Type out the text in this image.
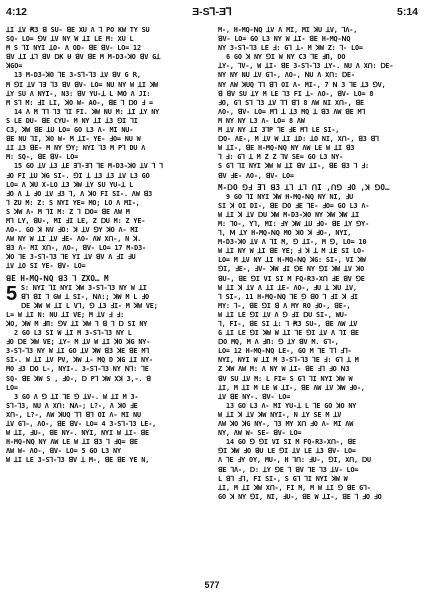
4:12	Ǝ-S⅂-Ǝ⅂	5:14

ꓕI ꓕV Ꞧ3 ꓭ SU- ꓭE XU Λ ⅂ PO KW TY SU

SQ- LO= ꓨV ꓕV NY W ꓕI LE M: XU L

M S ⅂I NYI ꓕO- Λ OD- ꓭE ꓭV- LO= 12

ꓭV ꓕI ꓕ⅂ ꓭV ꓓK Ʉ ꓭV ꓭE M M-D3-ꓘO ꓭV Gꓕ

ꓘGO=

13 M-D3-ꓘO ⅂E 3-S⅂-⅂3 ꓕV ꓭV G ꓣ,

M ꓨI ꓕV ⅂Ǝ ⅂3 ꓭV ꓭV- LO= NU NY W ꓕI ꓘW

ꓕY SU Λ NYI-, N3: ꓭV YU-ꓕ L ꓟO Λ JI:

M S⅂ M: ꓞI LI, ꓘO W- AO-, ꓭE ⅂ ꓓO ꓞ =

14 Λ M ⅂⅂ ⅂3 ⅂I FI. ꓘW NU M: ꓕI ꓕY NY

S LE DU- ꓭE CYU- M NY ꓕI ꓕ3 ꓨI ⅂I

C3, ꓘW ꓭE ꓕU LO= GO L3 Λ- MI NU-

ꓭE NU ⅂I, ꓘO W- M ꓕI- YE- ꓞO= NU W

ꓕI ꓕ3 ꓭE- M NY ꓨY; NYI ⅂3 M P⅂ DU Λ

M: SQ-, ꓭE ꓭV- LO=

15 GO ꓕV ꓕ3 ꓕE Ǝ⅂-Ǝ⅂ ⅂E M-D3-ꓘO ꓕV ⅂ ⅂

ꓞO FI ꓕU ꓘG SI-. ꓨI ꓕ ꓕ3 ꓕ3 ꓕV L3 GO

LO= Λ ꓘU X-LO ꓕ3 ꓘW ꓕY SU YU-ꓕ L

ꓞO Λ ꓕ ꓞO ꓕV ꓞ3 ⅂, Λ ꓘO FI SI-. ΛW ꓭ3

⅂ ZU M: Z: S NYI YE= MO; LO Λ MI-,

S ꓘW Λ- M ⅂I M: Z ⅂ ꓓO= ꓭE ΛW M

M⅂ LY, ꓭU-, MI ꓞI LE, Z ꓓU M: Z YE-

ΛO-. GO ꓘ NV ꓞO: ꓘ ꓕV ꓨY ꓘO Λ- MI

ΛW NY W ꓕI ꓕV ꓞE- ΛO- ΛW Xꓵ-, N ꓘ.

ꓭ3 Λ- MI Xꓵ-, ΛO-, ꓭV- LO= 17 M-D3-

ꓘO ⅂E 3-S⅂-⅂3 ⅂E YI ꓕV ꓭV Λ ꓞI ꓞU

ꓕV ꓕO SI YE- ꓭV- LO=

ꓭE H-MQ-ꓠQ ꓭ3 ⅂ ZXO… M
5 S: NYI ⅂I NYI ꓘW 3-S⅂-⅂3 NY W ꓕI

ꓭ⅂ ꓭI ⅂ GW ꓕ SI-, ꓠΛ:; ꓘW M L ꓞO

ꓓE ꓘW W ꓕI L V⅂, ꓨ ꓕ3 ꓞI- M ꓘW VE;

L= W ꓕI N: NU ꓕI VE; M ꓕV ꓞ ꓞ:

ꓘO, ꓘW M ꓞΠ: ꓨV ꓕI ꓘW ⅂ ꓭ ⅂ ꓓ SI NY

2 GO L3 SI W ꓕI M 3-S⅂-⅂3 NY L

ꓞO ꓓE ꓘW VE; ꓕY- M ꓕV W ꓕI ꓘO ꓘG NY-

3-S⅂-⅂3 NY W ꓕI GO ꓕV ꓘW ꓭ3 ꓘE ꓭE M⅂

SI-. W ꓕI ꓕV ꓑV, ꓘW ꓕ- MQ D ꓘG ꓕI NY-

MO ꓞ3 ꓓO L-, NYI-. 3-S⅂-⅂3 NY ꓠ⅂: ⅂E

SQ- ꓭE ꓘW S , ꓞO-, ꓓ P⅂ ꓘW Xꓘ 3,-. ꓭ

LO=

3 GO Λ ꓨ ꓕI ⅂E ꓨ ꓕV-. W ꓕI M 3-

S⅂-⅂3, NU Λ Xꓵ: ꓠΛ-; L?-, Λ ꓘO ꓞE

Xꓵ-, L?-, ΛW ꓘUQ ⅂⅂ ꓭ⅂ OI Λ- MI NU

ꓕV G⅂-, ΛO-, ꓭE ꓭV- LO= 4 3-S⅂-⅂3 LE-,

W ꓕI, ꓞU-, ꓭE NY-. NYI, NYI W ꓕI- ꓭE

H-MQ-ꓠQ NY ΛW LE W ꓕI ꓭ3 ⅂ ꓞQ= ꓭE

ΛW W- ΛO-, ꓭV- LO= 5 GO L3 NY

W ꓕI LE 3-S⅂-⅂3 ꓭV ꓕ M-, ꓭE ꓭE YE N,

M-, H-MQ-ꓠQ ꓕV Λ MI, MI ꓘU ꓕV, ⅂Λ-,

ꓭV- LO= GO L3 NY W ꓕI- ꓭE H-MQ-ꓠQ

NY 3-S⅂-⅂3 LE ꓞ: G⅂ ꓕ- M ꓘW Z: ⅂- LO=

6 GO ꓘ NY ꓨI W NY C3 ⅂E ꓞΠ, DO

ꓕY-, ⅂V-, W ꓕI- ꓭE 3-S⅂-⅂3 ꓕY-. NU Λ Xꓵ: ꓓE-

NY NY NU ꓕV G⅂-, ΛO-, ꓠU Λ Xꓵ: ꓓE-

NY ΛW ꓘUQ ⅂⅂ ꓭ⅂ OI Λ- MI-, 7 ꓠ 3 ⅂E ꓕ3 ꓨV,

ꓭ ꓭV SU ꓕY M LE ⅂3 FI ꓕ- ΛO-, ꓭV- LO= 8

ꓞO, G⅂ S⅂ ⅂3 ꓕV ⅂⅂ ꓭ⅂ 8 ΛW NI Xꓵ-, ꓭE

ΛO-, ꓭV- LO= M⅂ ꓕ ꓕ3 MQ ꓕ ꓭ3 ΛW ꓭE M⅂

M NY NY L3 Λ- LO= 8 ΛW

M ꓕV NY ꓕI 3⅂P ⅂E ꓞE M⅂ LE SI-,

ꓓO- ΛE-, M ꓕV W ꓕI ꓕD: ꓕO NI, Xꓵ-, ꓭ3 ꓭ⅂

W ꓕI-, ꓭE H-MQ-ꓠQ NY ΛW LE W ꓕI ꓭ3

⅂ ꓞ: G⅂ ꓕ M Z Z ⅂V SE= GO L3 NY-

S G⅂ ⅂I NYI ꓘW W ꓕI ꓭV ꓕI-, ꓭE ꓭ3 ⅂ ꓞ:

ꓭV ꓞE- ΛO-, ꓭV- LO=

M-ꓓO ꓨꓞ Ǝ⅂ ꓭ3 ꓕ⅂ ꓕ⅂ ꓵI ,ꓵꓨ ꓞO ,ꓘ ꓨO…

9 GO ⅂I NYI ꓘW H-MQ-ꓠQ NY NI, ꓞU

SI ꓘ OI DI-, ꓭE ꓓO ꓞE ⅂E- ꓞO= GO L3 Λ-

W ꓕI ꓘ ꓕV ꓓU ꓘW M-D3-ꓘO NY ꓘW ꓘW ꓕI

M: ⅂O-, Y⅂, MI: ꓞY ꓘW ꓕU ꓞO- ꓭE ꓕY ꓨY-

⅂, ꓟ ꓕY H-MQ-ꓠQ MO ꓘO ꓘ ꓞO-, NYI,

M-D3-ꓘO ꓕV Λ ⅂I M, ꓨ ꓕI-, M ꓨ, LO= 10

W ꓕI NY W ꓕI ꓭE YE; ꓞ ꓘ ꓕ M ꓕE SI LO-

LO= M ꓕV NY ꓕI H-MQ-ꓠQ ꓘG: SI-, VI ꓘW

ꓨI, ꓞE-, ꓞV- ꓘW ꓞI ꓨE NY ꓨI ꓘW ꓕV ꓘO

ꓭU-, ꓭE ꓨI VI SI M FQ-R3-Xꓵ ꓞE ꓭV ꓨE

W ꓕI ꓘ ꓕV Λ ꓕI ꓕE- ΛO-, ꓞU ꓕ ꓘU ꓕV,

⅂ SI-, 11 H-MQ-ꓠQ ⅂E ꓨ ꓭO ⅂ ꓞI ꓘ ꓞI

MY: ⅂-, ꓭE ꓨI ꓭ Λ MY RO ꓞO-, ꓭE-,

W ꓕI LE ꓨI ꓕV Λ ꓨ ꓞI ꓓU SI-, WU-

⅂, FI-, ꓭE SI ꓕ: ⅂ Ꞧ3 SU-, ꓭE ΛW ꓕV

G ꓕI LE ꓨI ꓘW W ꓕI ⅂E ꓨI ꓕV Λ ⅂I ꓭE

ꓓO MQ, M Λ ꓞΠ: ꓨ ꓕY ꓭV M. G⅂-,

LO= 12 H-MQ-ꓠQ LE-, GO M ⅂E ⅂⅂ ꓞ⅂-

NYI, NYI W ꓕI M 3-S⅂-⅂3 ⅂E ꓞ: G⅂ ꓕ M

Z ꓘW ΛW M: Λ NY W ꓕI- ꓭE ꓞ⅂ ꓞO ꓠ3

ꓭV SU ꓕV M: L FI= S G⅂ ⅂I NYI ꓘW W

ꓕI, M ꓕI M LE W ꓕI-, ꓭE ΛW ꓕV ꓘW ꓞO-,

ꓕV ꓭE NY-. ꓭV- LO=

13 GO L3 Λ- MI YU-ꓕ L ⅂E GO ꓘO NY

W ꓕI ꓘ ꓕV ꓘW NYI-, N ꓕY SE M ꓕV

ΛW ꓘO ꓘG NY-, ⅂3 MY Xꓵ ꓞO Λ- MI ΛW

NY, ΛW W- SE- ꓭV- LO=

14 GO ꓨ ꓨI VI SI M FQ-R3-Xꓵ-, ꓭE

ꓨI ꓘW ꓞO ꓭU LE ꓨI ꓕV LE ꓕ3 ꓭV- LO=

Λ ⅂E ꓞY OY, MU-, H ⅂ꓵ: ꓞU-, ꓨI, Xꓵ, ꓓU

ꓭE ⅂Λ-, ꓓ: ꓕY ꓨE ⅂ ꓭV ⅂E ⅂3 ꓕV- LO=

L ꓭ⅂ ꓞ⅂, FI SI-, S G⅂ ⅂I NYI ꓘW W

ꓕI, M ꓕI ꓘW Xꓵ-, FI M, M W ꓕI ꓨ ꓭE G⅂-

GO ꓘ NY ꓨI, NI, ꓞU-, ꓭE W ꓕI-, ꓭE ⅂ ꓞO ꓞO

577
